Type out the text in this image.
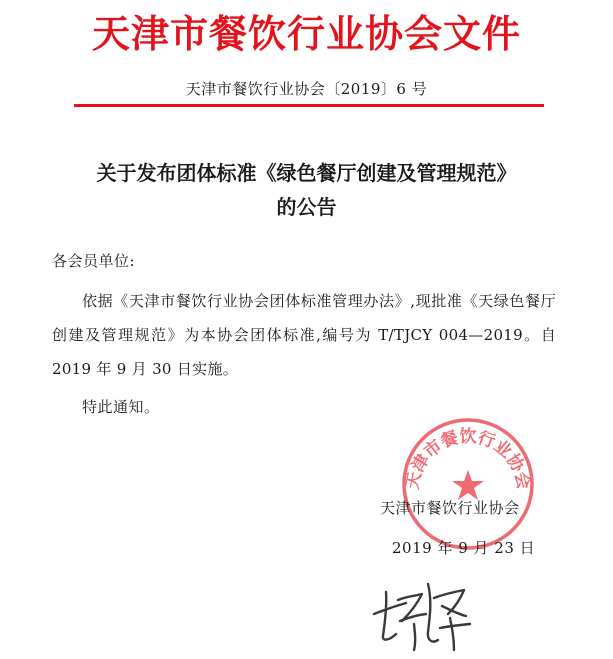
天津市餐饮行业协会文件
天津市餐饮行业协会〔2019〕6 号
关于发布团体标准《绿色餐厅创建及管理规范》
的公告
各会员单位:
依据《天津市餐饮行业协会团体标准管理办法》,现批准《天绿色餐厅创建及管理规范》为本协会团体标准,编号为 T/TJCY 004—2019。自 2019 年 9 月 30 日实施。
特此通知。
天津市餐饮行业协会
天津市餐饮行业协会
2019 年 9 月 23 日
